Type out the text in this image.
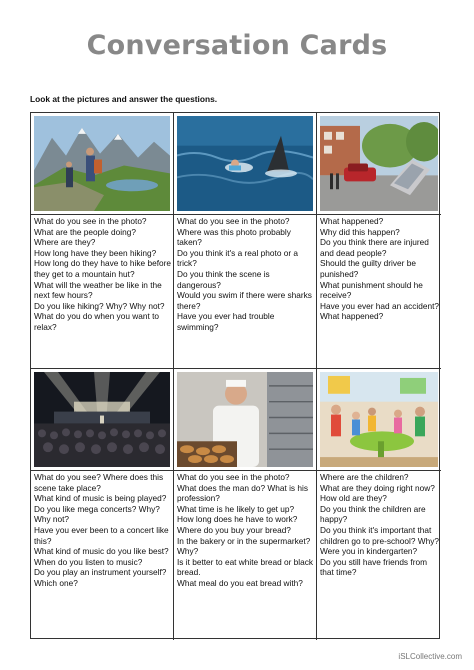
Conversation Cards
Look at the pictures and answer the questions.
What do you see in the photo?
What are the people doing?
Where are they?
How long have they been hiking?
How long do they have to hike before they get to a mountain hut?
What will the weather be like in the next few hours?
Do you like hiking? Why? Why not?
What do you do when you want to relax?
What do you see in the photo?
Where was this photo probably taken?
Do you think it's a real photo or a trick?
Do you think the scene is dangerous?
Would you swim if there were sharks there?
Have you ever had trouble swimming?
What happened?
Why did this happen?
Do you think there are injured and dead people?
Should the guilty driver be punished?
What punishment should he receive?
Have you ever had an accident?
What happened?
What do you see? Where does this scene take place?
What kind of music is being played?
Do you like mega concerts? Why? Why not?
Have you ever been to a concert like this?
What kind of music do you like best?
When do you listen to music?
Do you play an instrument yourself? Which one?
What do you see in the photo?
What does the man do? What is his profession?
What time is he likely to get up?
How long does he have to work?
Where do you buy your bread?
In the bakery or in the supermarket? Why?
Is it better to eat white bread or black bread.
What meal do you eat bread with?
Where are the children?
What are they doing right now?
How old are they?
Do you think the children are happy?
Do you think it's important that children go to pre-school? Why?
Were you in kindergarten?
Do you still have friends from that time?
iSLCollective.com
